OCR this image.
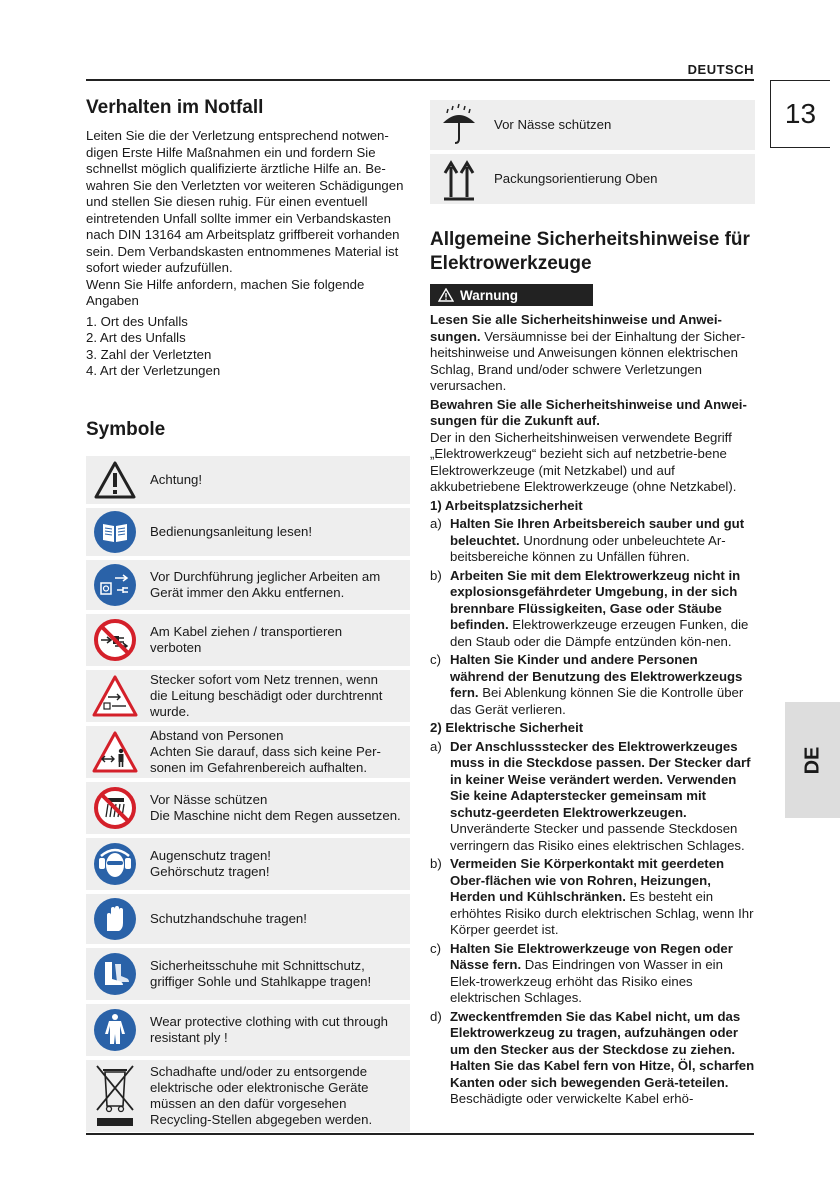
DEUTSCH
13
DE
Verhalten im Notfall
Leiten Sie die der Verletzung entsprechend notwen-digen Erste Hilfe Maßnahmen ein und fordern Sie schnellst möglich qualifizierte ärztliche Hilfe an. Be-wahren Sie den Verletzten vor weiteren Schädigungen und stellen Sie diesen ruhig. Für einen eventuell eintretenden Unfall sollte immer ein Verbandskasten nach DIN 13164 am Arbeitsplatz griffbereit vorhanden sein. Dem Verbandskasten entnommenes Material ist sofort wieder aufzufüllen.
Wenn Sie Hilfe anfordern, machen Sie folgende Angaben
1. Ort des Unfalls
2. Art des Unfalls
3. Zahl der Verletzten
4. Art der Verletzungen
Symbole
Achtung!
Bedienungsanleitung lesen!
Vor Durchführung jeglicher Arbeiten am
Gerät immer den Akku entfernen.
Am Kabel ziehen / transportieren
verboten
Stecker sofort vom Netz trennen, wenn
die Leitung beschädigt oder durchtrennt
wurde.
Abstand von Personen
Achten Sie darauf, dass sich keine Per-
sonen im Gefahrenbereich aufhalten.
Vor Nässe schützen
Die Maschine nicht dem Regen aussetzen.
Augenschutz tragen!
Gehörschutz tragen!
Schutzhandschuhe tragen!
Sicherheitsschuhe mit Schnittschutz,
griffiger Sohle und Stahlkappe tragen!
Wear protective clothing with cut through
resistant ply !
Schadhafte und/oder zu entsorgende
elektrische oder elektronische Geräte
müssen an den dafür vorgesehen
Recycling-Stellen abgegeben werden.
Vor Nässe schützen
Packungsorientierung Oben
Allgemeine Sicherheitshinweise für
Elektrowerkzeuge
Warnung

Lesen Sie alle Sicherheitshinweise und Anwei-sungen. Versäumnisse bei der Einhaltung der Sicher-heitshinweise und Anweisungen können elektrischen Schlag, Brand und/oder schwere Verletzungen verursachen.

Bewahren Sie alle Sicherheitshinweise und Anwei-sungen für die Zukunft auf.

Der in den Sicherheitshinweisen verwendete Begriff „Elektrowerkzeug“ bezieht sich auf netzbetrie-bene Elektrowerkzeuge (mit Netzkabel) und auf akkubetriebene Elektrowerkzeuge (ohne Netzkabel).

1) Arbeitsplatzsicherheit

a) Halten Sie Ihren Arbeitsbereich sauber und gut beleuchtet. Unordnung oder unbeleuchtete Ar-beitsbereiche können zu Unfällen führen.
b) Arbeiten Sie mit dem Elektrowerkzeug nicht in explosionsgefährdeter Umgebung, in der sich brennbare Flüssigkeiten, Gase oder Stäube befinden. Elektrowerkzeuge erzeugen Funken, die den Staub oder die Dämpfe entzünden kön-nen.
c) Halten Sie Kinder und andere Personen während der Benutzung des Elektrowerkzeugs fern. Bei Ablenkung können Sie die Kontrolle über das Gerät verlieren.

2) Elektrische Sicherheit

a) Der Anschlussstecker des Elektrowerkzeuges muss in die Steckdose passen. Der Stecker darf in keiner Weise verändert werden. Verwenden Sie keine Adapterstecker gemeinsam mit schutz-geerdeten Elektrowerkzeugen. Unveränderte Stecker und passende Steckdosen verringern das Risiko eines elektrischen Schlages.
b) Vermeiden Sie Körperkontakt mit geerdeten Ober-flächen wie von Rohren, Heizungen, Herden und Kühlschränken. Es besteht ein erhöhtes Risiko durch elektrischen Schlag, wenn Ihr Körper geerdet ist.
c) Halten Sie Elektrowerkzeuge von Regen oder Nässe fern. Das Eindringen von Wasser in ein Elek-trowerkzeug erhöht das Risiko eines elektrischen Schlages.
d) Zweckentfremden Sie das Kabel nicht, um das Elektrowerkzeug zu tragen, aufzuhängen oder um den Stecker aus der Steckdose zu ziehen. Halten Sie das Kabel fern von Hitze, Öl, scharfen Kanten oder sich bewegenden Gerä-teteilen. Beschädigte oder verwickelte Kabel erhö-
